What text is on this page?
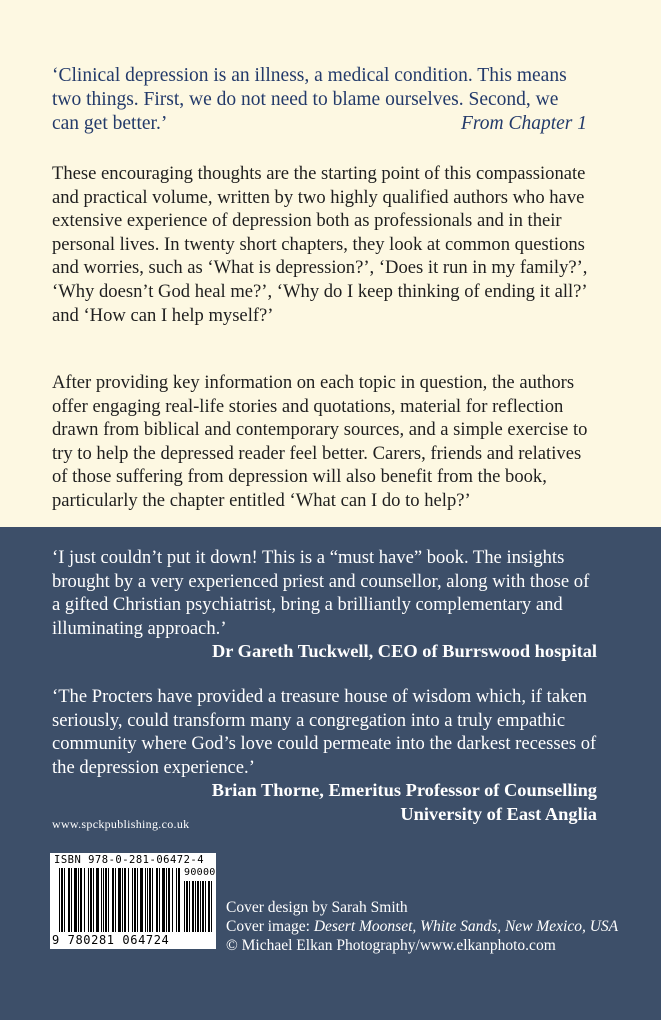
‘Clinical depression is an illness, a medical condition. This means two things. First, we do not need to blame ourselves. Second, we can get better.’	From Chapter 1
These encouraging thoughts are the starting point of this compassionate and practical volume, written by two highly qualified authors who have extensive experience of depression both as professionals and in their personal lives. In twenty short chapters, they look at common questions and worries, such as ‘What is depression?’, ‘Does it run in my family?’, ‘Why doesn’t God heal me?’, ‘Why do I keep thinking of ending it all?’ and ‘How can I help myself?’
After providing key information on each topic in question, the authors offer engaging real-life stories and quotations, material for reflection drawn from biblical and contemporary sources, and a simple exercise to try to help the depressed reader feel better. Carers, friends and relatives of those suffering from depression will also benefit from the book, particularly the chapter entitled ‘What can I do to help?’
‘I just couldn’t put it down! This is a “must have” book. The insights brought by a very experienced priest and counsellor, along with those of a gifted Christian psychiatrist, bring a brilliantly complementary and illuminating approach.’
Dr Gareth Tuckwell, CEO of Burrswood hospital
‘The Procters have provided a treasure house of wisdom which, if taken seriously, could transform many a congregation into a truly empathic community where God’s love could permeate into the darkest recesses of the depression experience.’
Brian Thorne, Emeritus Professor of Counselling
University of East Anglia
www.spckpublishing.co.uk
ISBN 978-0-281-06472-4
90000
9 780281 064724
Cover design by Sarah Smith
Cover image: Desert Moonset, White Sands, New Mexico, USA
© Michael Elkan Photography/www.elkanphoto.com
